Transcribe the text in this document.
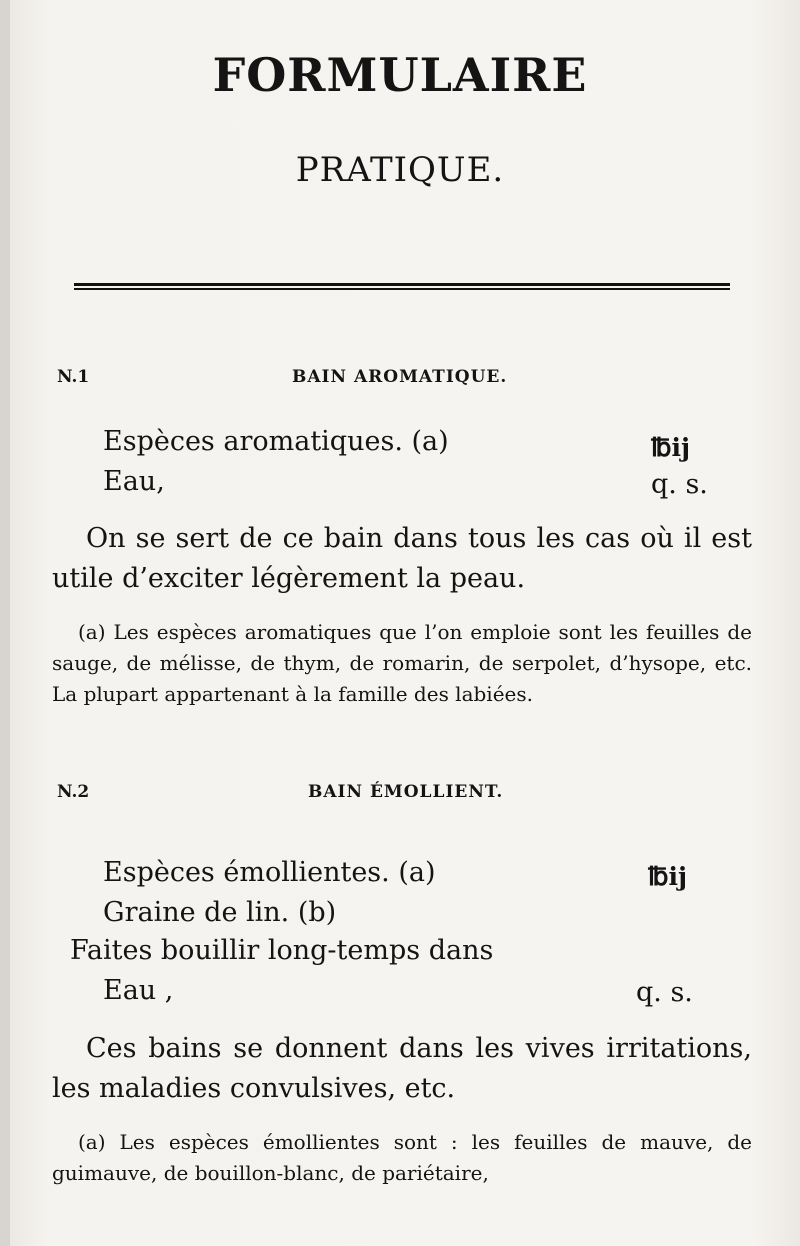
FORMULAIRE
PRATIQUE.
N.1	BAIN AROMATIQUE.
Espèces aromatiques. (a)	℔ij
Eau,	q. s.
On se sert de ce bain dans tous les cas où il est utile d’exciter légèrement la peau.
(a) Les espèces aromatiques que l’on emploie sont les feuilles de sauge, de mélisse, de thym, de romarin, de serpolet, d’hysope, etc. La plupart appartenant à la famille des labiées.
N.2	BAIN ÉMOLLIENT.
Espèces émollientes. (a)	℔ij
Graine de lin. (b)
Faites bouillir long-temps dans
Eau ,	q. s.
Ces bains se donnent dans les vives irritations, les maladies convulsives, etc.
(a) Les espèces émollientes sont : les feuilles de mauve, de guimauve, de bouillon-blanc, de pariétaire,
